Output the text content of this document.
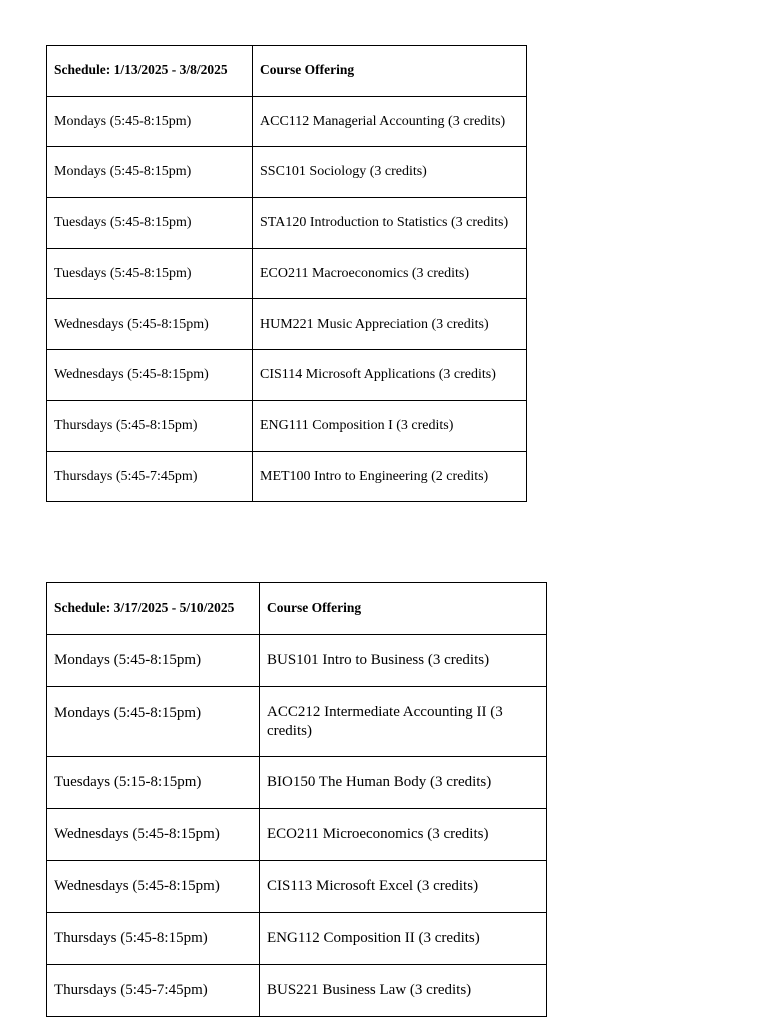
Schedule: 1/13/2025 - 3/8/2025	Course Offering
Mondays (5:45-8:15pm)	ACC112 Managerial Accounting (3 credits)
Mondays (5:45-8:15pm)	SSC101 Sociology (3 credits)
Tuesdays (5:45-8:15pm)	STA120 Introduction to Statistics (3 credits)
Tuesdays (5:45-8:15pm)	ECO211 Macroeconomics (3 credits)
Wednesdays (5:45-8:15pm)	HUM221 Music Appreciation (3 credits)
Wednesdays (5:45-8:15pm)	CIS114 Microsoft Applications (3 credits)
Thursdays (5:45-8:15pm)	ENG111 Composition I (3 credits)
Thursdays (5:45-7:45pm)	MET100 Intro to Engineering (2 credits)
Schedule: 3/17/2025 - 5/10/2025	Course Offering
Mondays (5:45-8:15pm)	BUS101 Intro to Business (3 credits)
Mondays (5:45-8:15pm)	ACC212 Intermediate Accounting II (3 credits)
Tuesdays (5:15-8:15pm)	BIO150 The Human Body (3 credits)
Wednesdays (5:45-8:15pm)	ECO211 Microeconomics (3 credits)
Wednesdays (5:45-8:15pm)	CIS113 Microsoft Excel (3 credits)
Thursdays (5:45-8:15pm)	ENG112 Composition II (3 credits)
Thursdays (5:45-7:45pm)	BUS221 Business Law (3 credits)
